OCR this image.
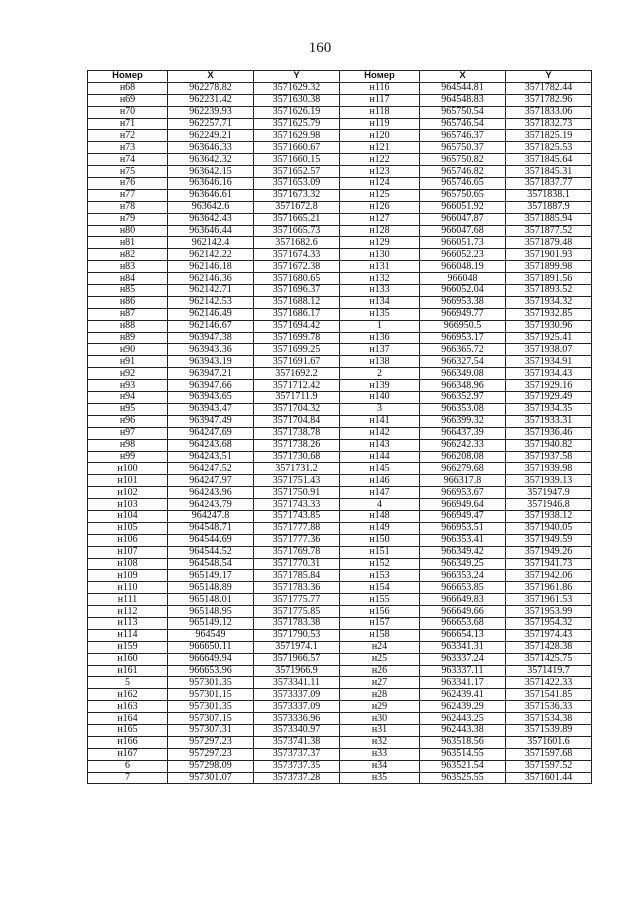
160
Номер	X	Y	Номер	X	Y
н68	962278.82	3571629.32	н116	964544.81	3571782.44
н69	962231.42	3571630.38	н117	964548.83	3571782.96
н70	962239.93	3571626.19	н118	965750.54	3571833.06
н71	962257.71	3571625.79	н119	965746.54	3571832.73
н72	962249.21	3571629.98	н120	965746.37	3571825.19
н73	963646.33	3571660.67	н121	965750.37	3571825.53
н74	963642.32	3571660.15	н122	965750.82	3571845.64
н75	963642.15	3571652.57	н123	965746.82	3571845.31
н76	963646.16	3571653.09	н124	965746.65	3571837.77
н77	963646.61	3571673.32	н125	965750.65	3571838.1
н78	963642.6	3571672.8	н126	966051.92	3571887.9
н79	963642.43	3571665.21	н127	966047.87	3571885.94
н80	963646.44	3571665.73	н128	966047.68	3571877.52
н81	962142.4	3571682.6	н129	966051.73	3571879.48
н82	962142.22	3571674.33	н130	966052.23	3571901.93
н83	962146.18	3571672.38	н131	966048.19	3571899.98
н84	962146.36	3571680.65	н132	966048	3571891.56
н85	962142.71	3571696.37	н133	966052.04	3571893.52
н86	962142.53	3571688.12	н134	966953.38	3571934.32
н87	962146.49	3571686.17	н135	966949.77	3571932.85
н88	962146.67	3571694.42	1	966950.5	3571930.96
н89	963947.38	3571699.78	н136	966953.17	3571925.41
н90	963943.36	3571699.25	н137	966365.72	3571938.07
н91	963943.19	3571691.67	н138	966327.54	3571934.91
н92	963947.21	3571692.2	2	966349.08	3571934.43
н93	963947.66	3571712.42	н139	966348.96	3571929.16
н94	963943.65	3571711.9	н140	966352.97	3571929.49
н95	963943.47	3571704.32	3	966353.08	3571934.35
н96	963947.49	3571704.84	н141	966399.32	3571933.31
н97	964247.69	3571738.78	н142	966437.39	3571936.46
н98	964243.68	3571738.26	н143	966242.33	3571940.82
н99	964243.51	3571730.68	н144	966208.08	3571937.58
н100	964247.52	3571731.2	н145	966279.68	3571939.98
н101	964247.97	3571751.43	н146	966317.8	3571939.13
н102	964243.96	3571750.91	н147	966953.67	3571947.9
н103	964243.79	3571743.33	4	966949.64	3571946.8
н104	964247.8	3571743.85	н148	966949.47	3571938.12
н105	964548.71	3571777.88	н149	966953.51	3571940.05
н106	964544.69	3571777.36	н150	966353.41	3571949.59
н107	964544.52	3571769.78	н151	966349.42	3571949.26
н108	964548.54	3571770.31	н152	966349.25	3571941.73
н109	965149.17	3571785.84	н153	966353.24	3571942.06
н110	965148.89	3571783.36	н154	966653.85	3571961.86
н111	965148.01	3571775.77	н155	966649.83	3571961.53
н112	965148.95	3571775.85	н156	966649.66	3571953.99
н113	965149.12	3571783.38	н157	966653.68	3571954.32
н114	964549	3571790.53	н158	966654.13	3571974.43
н159	966650.11	3571974.1	н24	963341.31	3571428.38
н160	966649.94	3571966.57	н25	963337.24	3571425.75
н161	966653.96	3571966.9	н26	963337.11	3571419.7
5	957301.35	3573341.11	н27	963341.17	3571422.33
н162	957301.15	3573337.09	н28	962439.41	3571541.85
н163	957301.35	3573337.09	н29	962439.29	3571536.33
н164	957307.15	3573336.96	н30	962443.25	3571534.38
н165	957307.31	3573340.97	н31	962443.38	3571539.89
н166	957297.23	3573741.38	н32	963518.56	3571601.6
н167	957297.23	3573737.37	н33	963514.55	3571597.68
6	957298.09	3573737.35	н34	963521.54	3571597.52
7	957301.07	3573737.28	н35	963525.55	3571601.44
